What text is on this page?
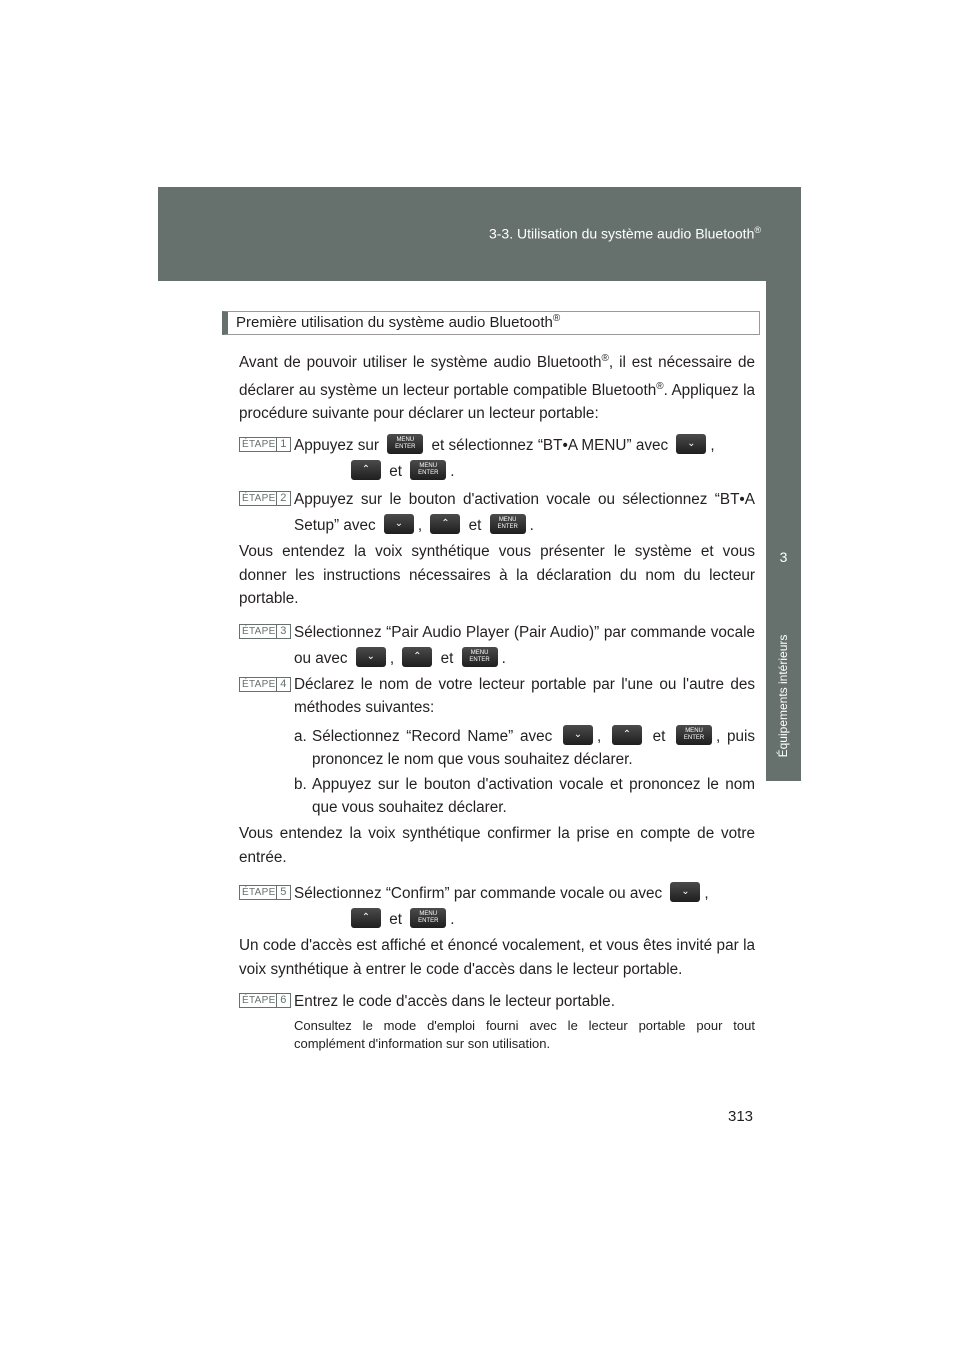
3-3. Utilisation du système audio Bluetooth®
3
Équipements intérieurs
Première utilisation du système audio Bluetooth®

Avant de pouvoir utiliser le système audio Bluetooth®, il est nécessaire de déclarer au système un lecteur portable compatible Bluetooth®. Appliquez la procédure suivante pour déclarer un lecteur portable:

ÉTAPE 1 Appuyez sur	MENU
ENTER et sélectionnez “BT•A MENU” avec ⌄ ,
⌃ et	MENU
ENTER .
ÉTAPE 2 Appuyez sur le bouton d'activation vocale ou sélectionnez “BT•A Setup” avec ⌄ , ⌃ et	MENU
ENTER .

Vous entendez la voix synthétique vous présenter le système et vous donner les instructions nécessaires à la déclaration du nom du lecteur portable.

ÉTAPE 3 Sélectionnez “Pair Audio Player (Pair Audio)” par commande vocale ou avec ⌄ , ⌃ et	MENU
ENTER .
ÉTAPE 4 Déclarez le nom de votre lecteur portable par l'une ou l'autre des méthodes suivantes:
a. Sélectionnez “Record Name” avec ⌄ , ⌃ et	MENU
ENTER , puis prononcez le nom que vous souhaitez déclarer.
b. Appuyez sur le bouton d'activation vocale et prononcez le nom que vous souhaitez déclarer.

Vous entendez la voix synthétique confirmer la prise en compte de votre entrée.

ÉTAPE 5 Sélectionnez “Confirm” par commande vocale ou avec ⌄ ,
⌃ et	MENU
ENTER .

Un code d'accès est affiché et énoncé vocalement, et vous êtes invité par la voix synthétique à entrer le code d'accès dans le lecteur portable.

ÉTAPE 6 Entrez le code d'accès dans le lecteur portable.

Consultez le mode d'emploi fourni avec le lecteur portable pour tout complément d'information sur son utilisation.

313
